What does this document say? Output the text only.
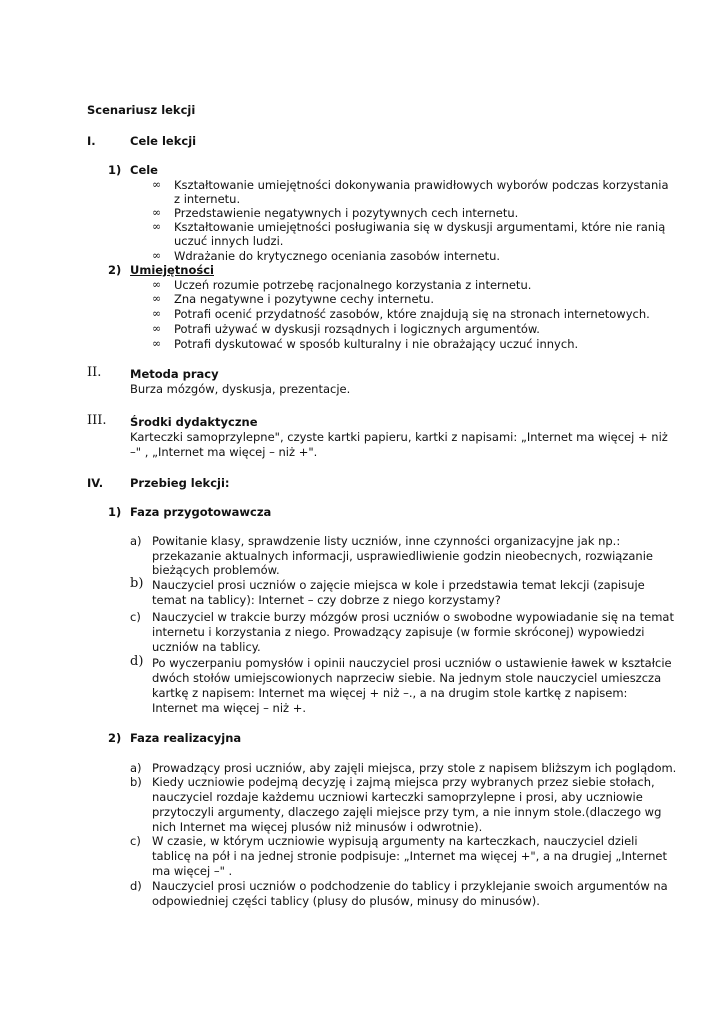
Scenariusz lekcji
I.	Cele lekcji
1) Cele
∞ Kształtowanie umiejętności dokonywania prawidłowych wyborów podczas korzystania
z internetu.
∞ Przedstawienie negatywnych i pozytywnych cech internetu.
∞ Kształtowanie umiejętności posługiwania się w dyskusji argumentami, które nie ranią
uczuć innych ludzi.
∞ Wdrażanie do krytycznego oceniania zasobów internetu.
2) Umiejętności
∞ Uczeń rozumie potrzebę racjonalnego korzystania z internetu.
∞ Zna negatywne i pozytywne cechy internetu.
∞ Potrafi ocenić przydatność zasobów, które znajdują się na stronach internetowych.
∞ Potrafi używać w dyskusji rozsądnych i logicznych argumentów.
∞ Potrafi dyskutować w sposób kulturalny i nie obrażający uczuć innych.
II. Metoda pracy
Burza mózgów, dyskusja, prezentacje.
III. Środki dydaktyczne
Karteczki samoprzylepne", czyste kartki papieru, kartki z napisami: „Internet ma więcej + niż
–" , „Internet ma więcej – niż +".
IV. Przebieg lekcji:
1) Faza przygotowawcza
a) Powitanie klasy, sprawdzenie listy uczniów, inne czynności organizacyjne jak np.:
przekazanie aktualnych informacji, usprawiedliwienie godzin nieobecnych, rozwiązanie
bieżących problemów.
b) Nauczyciel prosi uczniów o zajęcie miejsca w kole i przedstawia temat lekcji (zapisuje
temat na tablicy): Internet – czy dobrze z niego korzystamy?
c) Nauczyciel w trakcie burzy mózgów prosi uczniów o swobodne wypowiadanie się na temat
internetu i korzystania z niego. Prowadzący zapisuje (w formie skróconej) wypowiedzi
uczniów na tablicy.
d) Po wyczerpaniu pomysłów i opinii nauczyciel prosi uczniów o ustawienie ławek w kształcie
dwóch stołów umiejscowionych naprzeciw siebie. Na jednym stole nauczyciel umieszcza
kartkę z napisem: Internet ma więcej + niż –., a na drugim stole kartkę z napisem:
Internet ma więcej – niż +.
2) Faza realizacyjna
a) Prowadzący prosi uczniów, aby zajęli miejsca, przy stole z napisem bliższym ich poglądom.
b) Kiedy uczniowie podejmą decyzję i zajmą miejsca przy wybranych przez siebie stołach,
nauczyciel rozdaje każdemu uczniowi karteczki samoprzylepne i prosi, aby uczniowie
przytoczyli argumenty, dlaczego zajęli miejsce przy tym, a nie innym stole.(dlaczego wg
nich Internet ma więcej plusów niż minusów i odwrotnie).
c) W czasie, w którym uczniowie wypisują argumenty na karteczkach, nauczyciel dzieli
tablicę na pół i na jednej stronie podpisuje: „Internet ma więcej +", a na drugiej „Internet
ma więcej –" .
d) Nauczyciel prosi uczniów o podchodzenie do tablicy i przyklejanie swoich argumentów na
odpowiedniej części tablicy (plusy do plusów, minusy do minusów).
